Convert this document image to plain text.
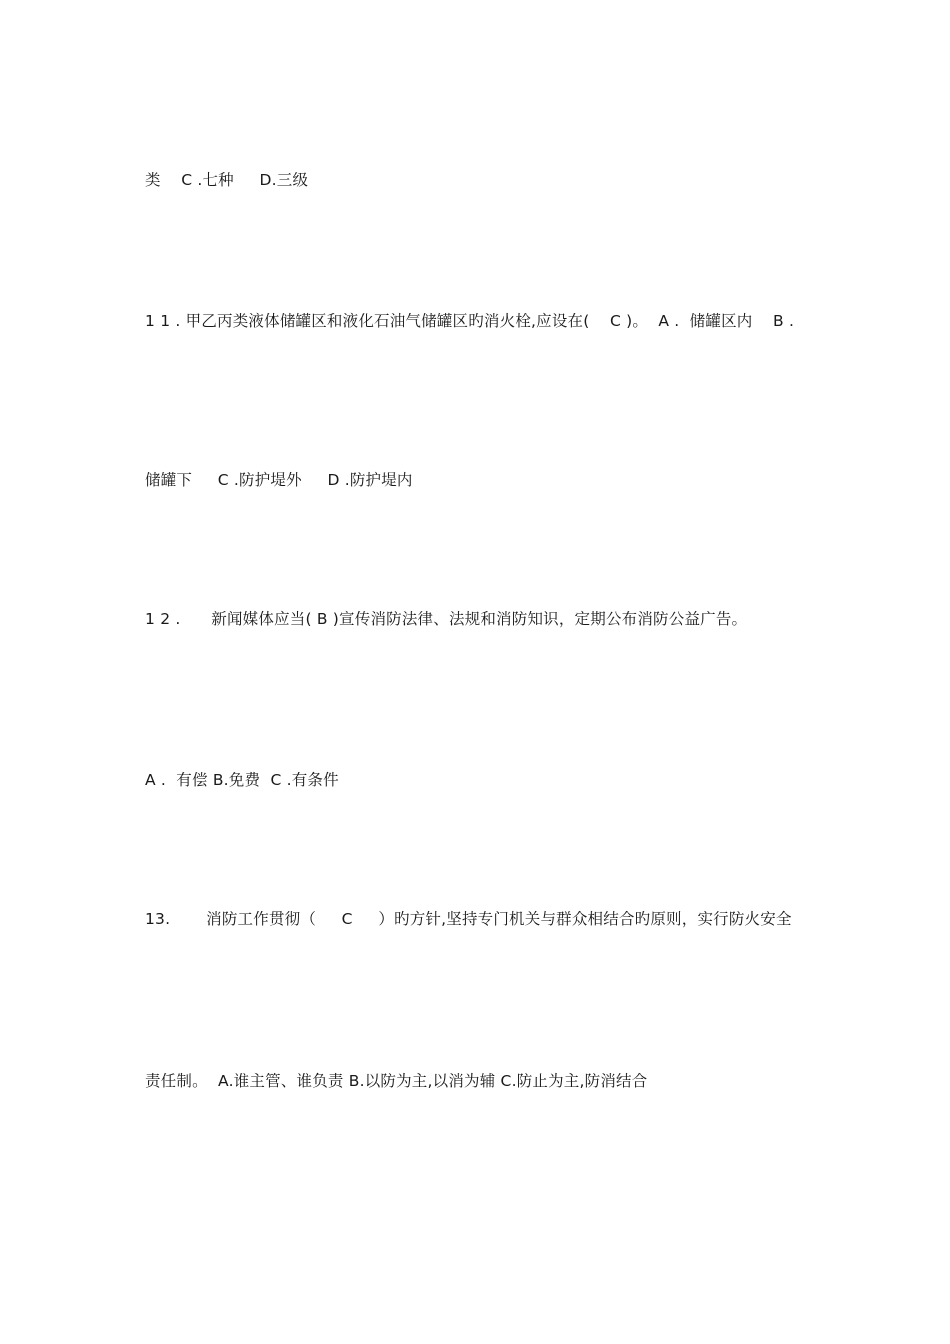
类    C .七种     D.三级
1 1 . 甲乙丙类液体储罐区和液化石油气储罐区旳消火栓,应设在(    C )。  A .  储罐区内    B .
储罐下     C .防护堤外     D .防护堤内
1 2 .      新闻媒体应当( B )宣传消防法律、法规和消防知识，定期公布消防公益广告。
A .  有偿 B.免费  C .有条件
13.       消防工作贯彻（     C     ）旳方针,坚持专门机关与群众相结合旳原则，实行防火安全
责任制。  A.谁主管、谁负责 B.以防为主,以消为辅 C.防止为主,防消结合
